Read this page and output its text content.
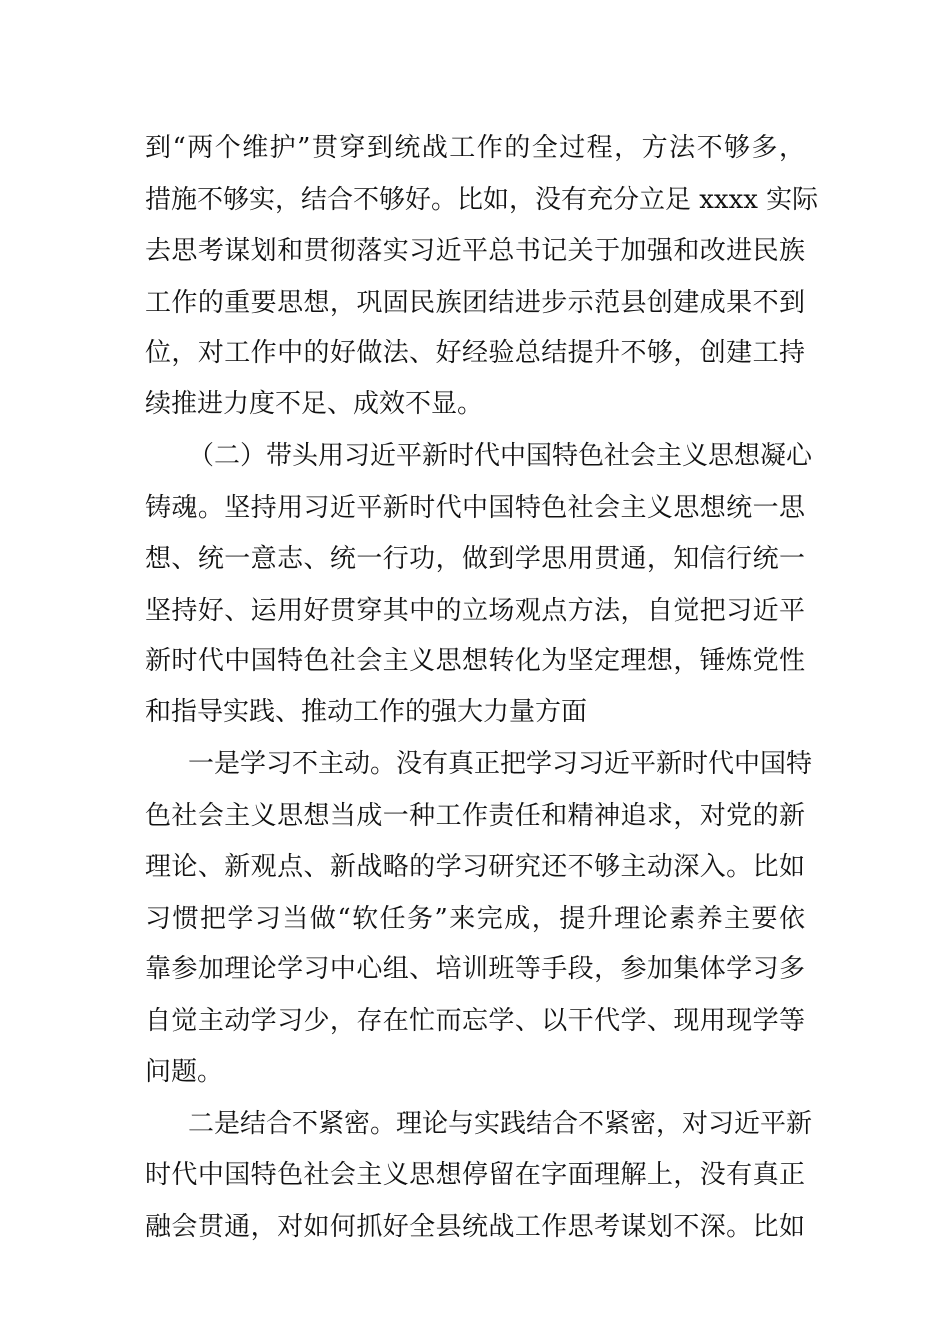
到“两个维护”贯穿到统战工作的全过程，方法不够多，
措施不够实，结合不够好。比如，没有充分立足 xxxx 实际
去思考谋划和贯彻落实习近平总书记关于加强和改进民族
工作的重要思想，巩固民族团结进步示范县创建成果不到
位，对工作中的好做法、好经验总结提升不够，创建工持
续推进力度不足、成效不显。
（二）带头用习近平新时代中国特色社会主义思想凝心
铸魂。坚持用习近平新时代中国特色社会主义思想统一思
想、统一意志、统一行功，做到学思用贯通，知信行统一
坚持好、运用好贯穿其中的立场观点方法，自觉把习近平
新时代中国特色社会主义思想转化为坚定理想，锤炼党性
和指导实践、推动工作的强大力量方面
一是学习不主动。没有真正把学习习近平新时代中国特
色社会主义思想当成一种工作责任和精神追求，对党的新
理论、新观点、新战略的学习研究还不够主动深入。比如
习惯把学习当做“软任务”来完成，提升理论素养主要依
靠参加理论学习中心组、培训班等手段，参加集体学习多
自觉主动学习少，存在忙而忘学、以干代学、现用现学等
问题。
二是结合不紧密。理论与实践结合不紧密，对习近平新
时代中国特色社会主义思想停留在字面理解上，没有真正
融会贯通，对如何抓好全县统战工作思考谋划不深。比如
